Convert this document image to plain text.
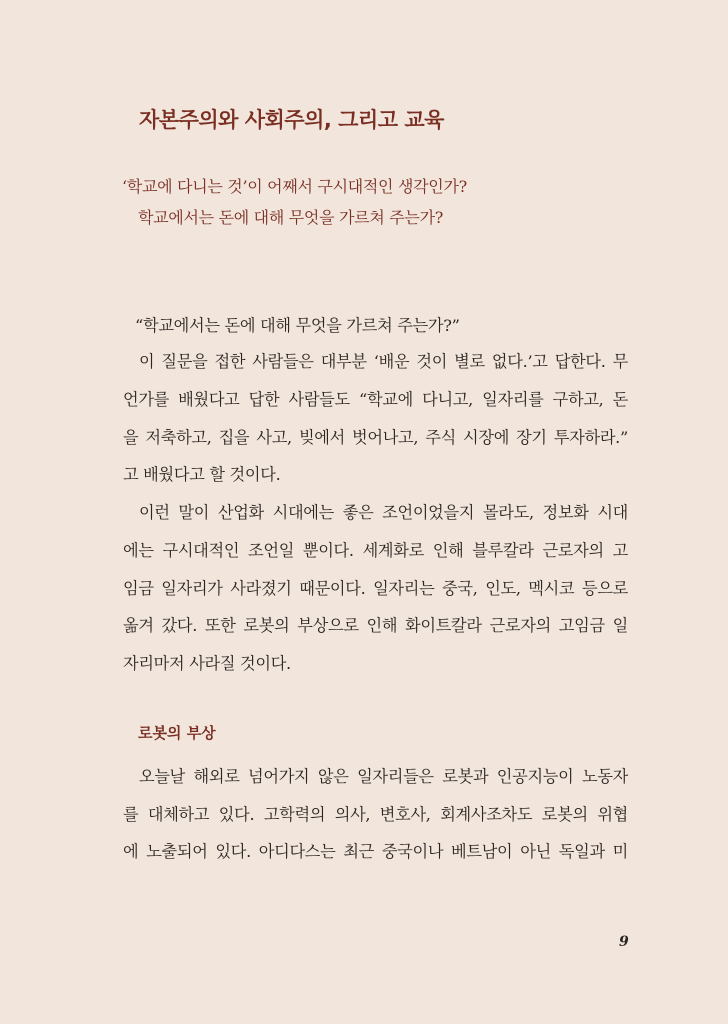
자본주의와 사회주의, 그리고 교육
‘학교에 다니는 것’이 어째서 구시대적인 생각인가?
학교에서는 돈에 대해 무엇을 가르쳐 주는가?
“학교에서는 돈에 대해 무엇을 가르쳐 주는가?”
이 질문을 접한 사람들은 대부분 ‘배운 것이 별로 없다.’고 답한다. 무
언가를 배웠다고 답한 사람들도 “학교에 다니고, 일자리를 구하고, 돈
을 저축하고, 집을 사고, 빚에서 벗어나고, 주식 시장에 장기 투자하라.”
고 배웠다고 할 것이다.
이런 말이 산업화 시대에는 좋은 조언이었을지 몰라도, 정보화 시대
에는 구시대적인 조언일 뿐이다. 세계화로 인해 블루칼라 근로자의 고
임금 일자리가 사라졌기 때문이다. 일자리는 중국, 인도, 멕시코 등으로
옮겨 갔다. 또한 로봇의 부상으로 인해 화이트칼라 근로자의 고임금 일
자리마저 사라질 것이다.
로봇의 부상
오늘날 해외로 넘어가지 않은 일자리들은 로봇과 인공지능이 노동자
를 대체하고 있다. 고학력의 의사, 변호사, 회계사조차도 로봇의 위협
에 노출되어 있다. 아디다스는 최근 중국이나 베트남이 아닌 독일과 미
9
